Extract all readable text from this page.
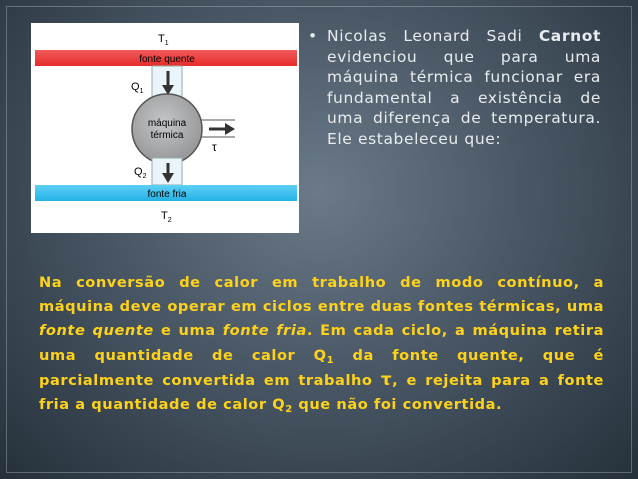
$T_1$
fonte quente
$Q_1$
máquina
térmica
τ
$Q_2$
fonte fria
$T_2$
• Nicolas Leonard Sadi Carnot evidenciou que para uma máquina térmica funcionar era fundamental a existência de uma diferença de temperatura. Ele estabeleceu que:

Na conversão de calor em trabalho de modo contínuo, a máquina deve operar em ciclos entre duas fontes térmicas, uma fonte quente e uma fonte fria. Em cada ciclo, a máquina retira uma quantidade de calor $Q_1$ da fonte quente, que é parcialmente convertida em trabalho τ, e rejeita para a fonte fria a quantidade de calor $Q_2$ que não foi convertida.
